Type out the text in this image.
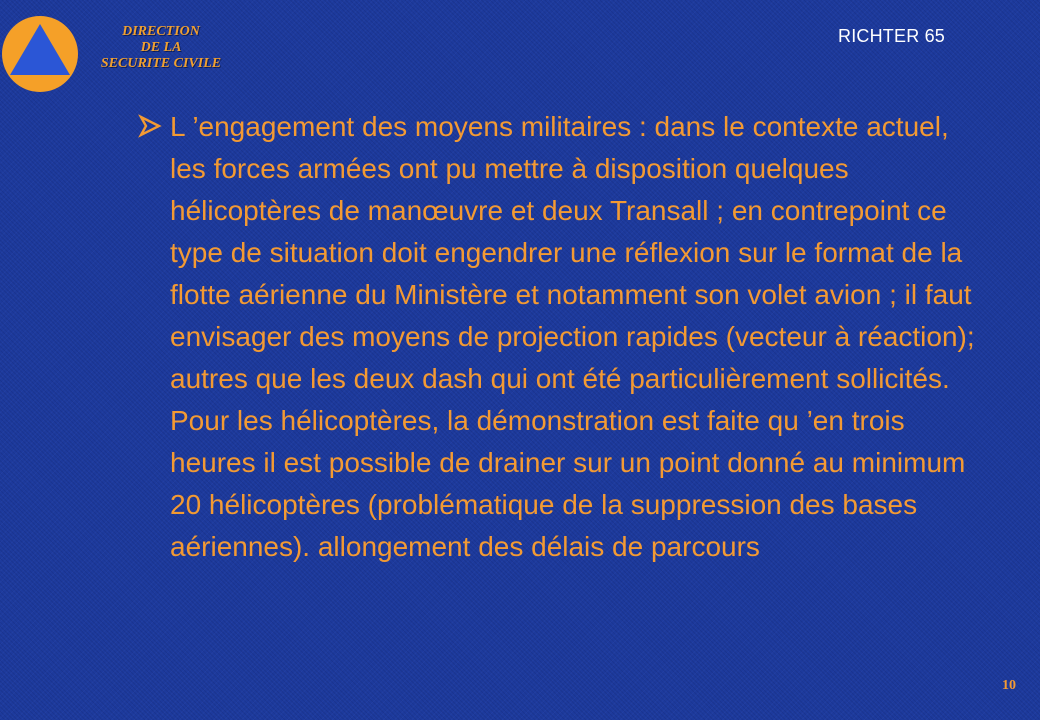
DIRECTION
DE LA
SECURITE CIVILE
RICHTER 65

L ’engagement des moyens militaires : dans le contexte actuel, les forces armées ont pu mettre à disposition quelques hélicoptères de manœuvre et deux Transall ; en contrepoint ce type de situation doit engendrer une réflexion sur le format de la flotte aérienne du Ministère et notamment son volet avion ; il faut envisager des moyens de projection rapides (vecteur à réaction); autres que les deux dash qui ont été particulièrement sollicités. Pour les hélicoptères, la démonstration est faite qu ’en trois heures il est possible de drainer sur un point donné au minimum 20 hélicoptères (problématique de la suppression des bases aériennes). allongement des délais de parcours

10
